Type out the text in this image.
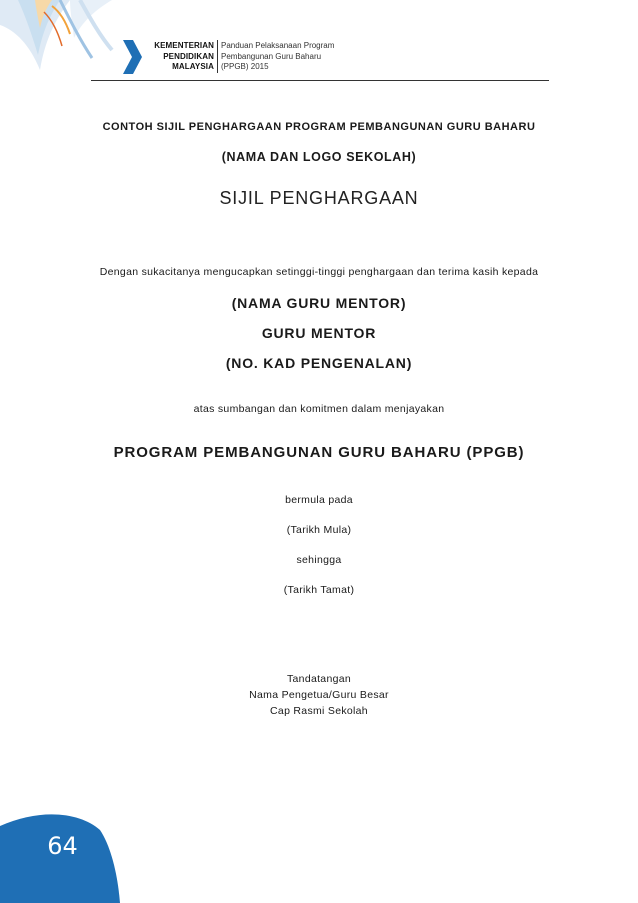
KEMENTERIAN
PENDIDIKAN
MALAYSIA
Panduan Pelaksanaan Program
Pembangunan Guru Baharu
(PPGB) 2015
CONTOH SIJIL PENGHARGAAN PROGRAM PEMBANGUNAN GURU BAHARU
(NAMA DAN LOGO SEKOLAH)
SIJIL PENGHARGAAN
Dengan sukacitanya mengucapkan setinggi-tinggi penghargaan dan terima kasih kepada
(NAMA GURU MENTOR)
GURU MENTOR
(NO. KAD PENGENALAN)
atas sumbangan dan komitmen dalam menjayakan
PROGRAM PEMBANGUNAN GURU BAHARU (PPGB)
bermula pada
(Tarikh Mula)
sehingga
(Tarikh Tamat)
Tandatangan
Nama Pengetua/Guru Besar
Cap Rasmi Sekolah
64
